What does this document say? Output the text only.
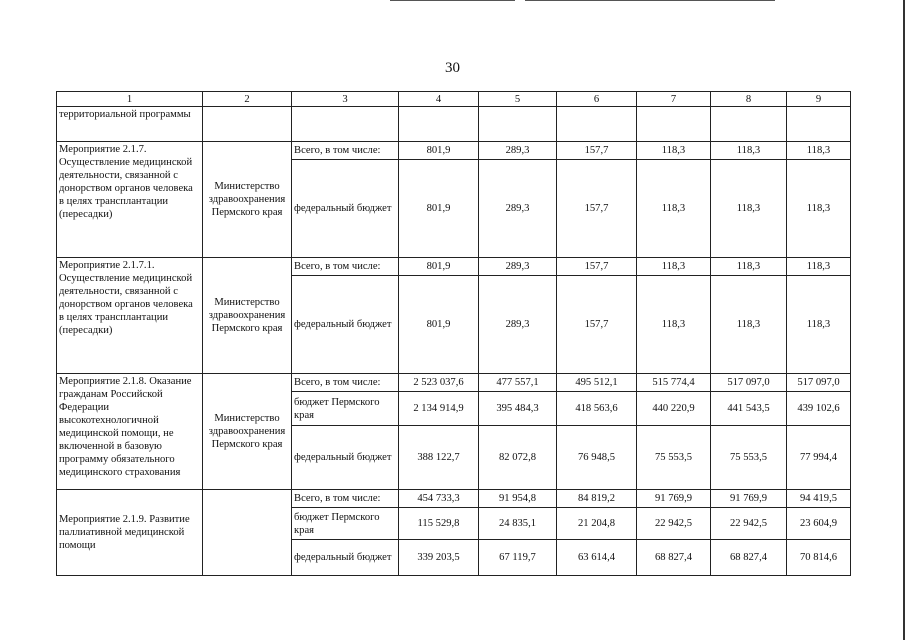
30
1	2	3	4	5	6	7	8	9
территориальной программы								
Мероприятие 2.1.7. Осуществление медицинской деятельности, связанной с донорством органов человека в целях трансплантации (пересадки)	Министерство здравоохранения Пермского края	Всего, в том числе:	801,9	289,3	157,7	118,3	118,3	118,3
		федеральный бюджет	801,9	289,3	157,7	118,3	118,3	118,3
Мероприятие 2.1.7.1. Осуществление медицинской деятельности, связанной с донорством органов человека в целях трансплантации (пересадки)	Министерство здравоохранения Пермского края	Всего, в том числе:	801,9	289,3	157,7	118,3	118,3	118,3
		федеральный бюджет	801,9	289,3	157,7	118,3	118,3	118,3
Мероприятие 2.1.8. Оказание гражданам Российской Федерации высокотехнологичной медицинской помощи, не включенной в базовую программу обязательного медицинского страхования	Министерство здравоохранения Пермского края	Всего, в том числе:	2 523 037,6	477 557,1	495 512,1	515 774,4	517 097,0	517 097,0
		бюджет Пермского края	2 134 914,9	395 484,3	418 563,6	440 220,9	441 543,5	439 102,6
		федеральный бюджет	388 122,7	82 072,8	76 948,5	75 553,5	75 553,5	77 994,4
Мероприятие 2.1.9. Развитие паллиативной медицинской помощи		Всего, в том числе:	454 733,3	91 954,8	84 819,2	91 769,9	91 769,9	94 419,5
		бюджет Пермского края	115 529,8	24 835,1	21 204,8	22 942,5	22 942,5	23 604,9
		федеральный бюджет	339 203,5	67 119,7	63 614,4	68 827,4	68 827,4	70 814,6
